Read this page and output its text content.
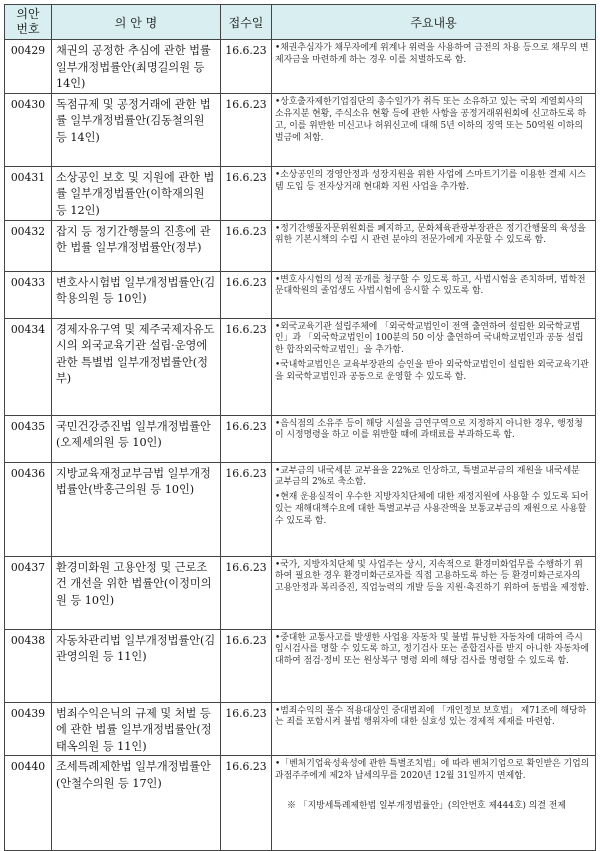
의안
번호	의 안 명	접수일	주요내용
00429	채권의 공정한 추심에 관한 법률 일부개정법률안(최명길의원 등 14인)	16.6.23	•채권추심자가 채무자에게 위계나 위력을 사용하여 금전의 차용 등으로 채무의 변제자금을 마련하게 하는 경우 이를 처벌하도록 함.

00430	독점규제 및 공정거래에 관한 법률 일부개정법률안(김동철의원 등 14인)	16.6.23	•상호출자제한기업집단의 총수일가가 취득 또는 소유하고 있는 국외 계열회사의 소유지분 현황, 주식소유 현황 등에 관한 사항을 공정거래위원회에 신고하도록 하고, 이를 위반한 미신고나 허위신고에 대해 5년 이하의 징역 또는 50억원 이하의 벌금에 처함.

00431	소상공인 보호 및 지원에 관한 법률 일부개정법률안(이학재의원 등 12인)	16.6.23	•소상공인의 경영안정과 성장지원을 위한 사업에 스마트기기를 이용한 결제 시스템 도입 등 전자상거래 현대화 지원 사업을 추가함.

00432	잡지 등 정기간행물의 진흥에 관한 법률 일부개정법률안(정부)	16.6.23	•정기간행물자문위원회를 폐지하고, 문화체육관광부장관은 정기간행물의 육성을 위한 기본시책의 수립 시 관련 분야의 전문가에게 자문할 수 있도록 함.

00433	변호사시험법 일부개정법률안(김학용의원 등 10인)	16.6.23	•변호사시험의 성적 공개를 청구할 수 있도록 하고, 사법시험을 존치하며, 법학전문대학원의 졸업생도 사법시험에 응시할 수 있도록 함.

00434	경제자유구역 및 제주국제자유도시의 외국교육기관 설립·운영에 관한 특별법 일부개정법률안(정부)	16.6.23	•외국교육기관 설립주체에 「외국학교법인이 전액 출연하여 설립한 외국학교법인」과 「외국학교법인이 100분의 50 이상 출연하여 국내학교법인과 공동 설립한 합작외국학교법인」을 추가함.
•국내학교법인은 교육부장관의 승인을 받아 외국학교법인이 설립한 외국교육기관을 외국학교법인과 공동으로 운영할 수 있도록 함.

00435	국민건강증진법 일부개정법률안(오제세의원 등 10인)	16.6.23	•음식점의 소유주 등이 해당 시설을 금연구역으로 지정하지 아니한 경우, 행정청이 시정명령을 하고 이를 위반할 때에 과태료를 부과하도록 함.

00436	지방교육재정교부금법 일부개정법률안(박홍근의원 등 10인)	16.6.23	•교부금의 내국세분 교부율을 22%로 인상하고, 특별교부금의 재원을 내국세분 교부금의 2%로 축소함.
•현재 운용실적이 우수한 지방자치단체에 대한 재정지원에 사용할 수 있도록 되어 있는 재해대책수요에 대한 특별교부금 사용잔액을 보통교부금의 재원으로 사용할 수 있도록 함.

00437	환경미화원 고용안정 및 근로조건 개선을 위한 법률안(이정미의원 등 10인)	16.6.23	•국가, 지방자치단체 및 사업주는 상시, 지속적으로 환경미화업무를 수행하기 위하여 필요한 경우 환경미화근로자를 직접 고용하도록 하는 등 환경미화근로자의 고용안정과 복리증진, 직업능력의 개발 등을 지원·촉진하기 위하여 동법을 제정함.

00438	자동차관리법 일부개정법률안(김관영의원 등 11인)	16.6.23	•중대한 교통사고를 발생한 사업용 자동차 및 불법 튜닝한 자동차에 대하여 즉시 임시검사를 명할 수 있도록 하고, 정기검사 또는 종합검사를 받지 아니한 자동차에 대하여 점검·정비 또는 원상복구 명령 외에 해당 검사를 명령할 수 있도록 함.

00439	범죄수익은닉의 규제 및 처벌 등에 관한 법률 일부개정법률안(정태옥의원 등 11인)	16.6.23	•범죄수익의 몰수 적용대상인 중대범죄에 「개인정보 보호법」 제71조에 해당하는 죄를 포함시켜 불법 행위자에 대한 실효성 있는 경제적 제재를 마련함.

00440	조세특례제한법 일부개정법률안(안철수의원 등 17인)	16.6.23	•「벤처기업육성육성에 관한 특별조치법」에 따라 벤처기업으로 확인받은 기업의 과점주주에게 제2차 납세의무를 2020년 12월 31일까지 면제함.
※ 「지방세특례제한법 일부개정법률안」(의안번호 제444호) 의결 전제
